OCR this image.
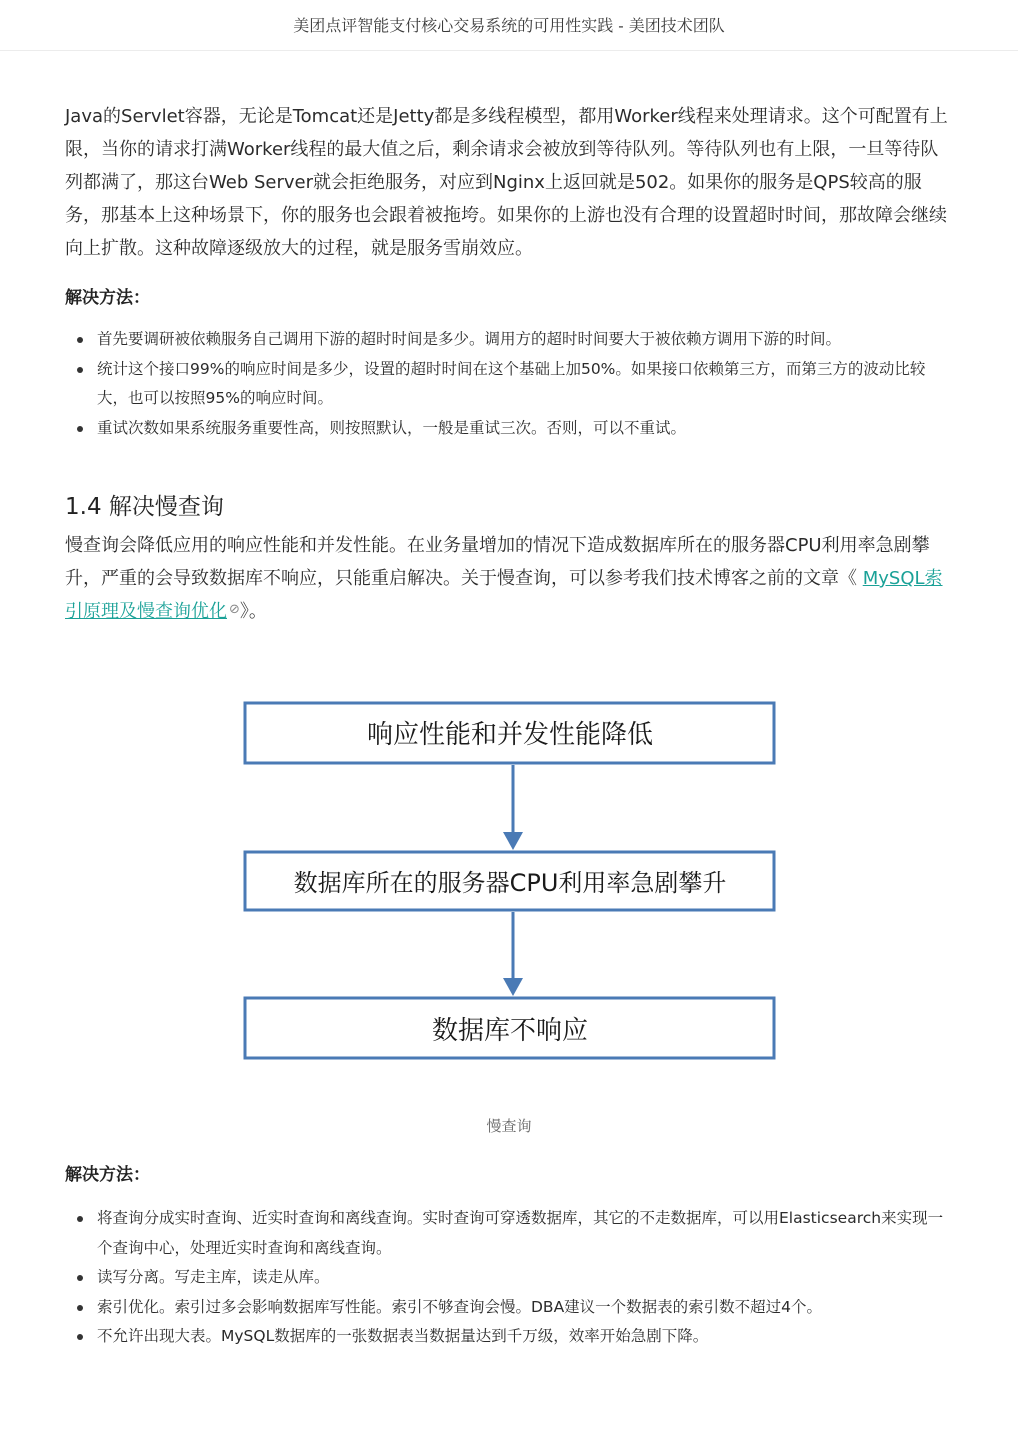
美团点评智能支付核心交易系统的可用性实践 - 美团技术团队

Java的Servlet容器，无论是Tomcat还是Jetty都是多线程模型，都用Worker线程来处理请求。这个可配置有上限，当你的请求打满Worker线程的最大值之后，剩余请求会被放到等待队列。等待队列也有上限，一旦等待队列都满了，那这台Web Server就会拒绝服务，对应到Nginx上返回就是502。如果你的服务是QPS较高的服务，那基本上这种场景下，你的服务也会跟着被拖垮。如果你的上游也没有合理的设置超时时间，那故障会继续向上扩散。这种故障逐级放大的过程，就是服务雪崩效应。

解决方法：

首先要调研被依赖服务自己调用下游的超时时间是多少。调用方的超时时间要大于被依赖方调用下游的时间。
统计这个接口99%的响应时间是多少，设置的超时时间在这个基础上加50%。如果接口依赖第三方，而第三方的波动比较大，也可以按照95%的响应时间。
重试次数如果系统服务重要性高，则按照默认，一般是重试三次。否则，可以不重试。
1.4 解决慢查询

慢查询会降低应用的响应性能和并发性能。在业务量增加的情况下造成数据库所在的服务器CPU利用率急剧攀升，严重的会导致数据库不响应，只能重启解决。关于慢查询，可以参考我们技术博客之前的文章《 MySQL索引原理及慢查询优化 ⊘》。

响应性能和并发性能降低
数据库所在的服务器CPU利用率急剧攀升
数据库不响应
慢查询

解决方法：

将查询分成实时查询、近实时查询和离线查询。实时查询可穿透数据库，其它的不走数据库，可以用Elasticsearch来实现一个查询中心，处理近实时查询和离线查询。
读写分离。写走主库，读走从库。
索引优化。索引过多会影响数据库写性能。索引不够查询会慢。DBA建议一个数据表的索引数不超过4个。
不允许出现大表。MySQL数据库的一张数据表当数据量达到千万级，效率开始急剧下降。
